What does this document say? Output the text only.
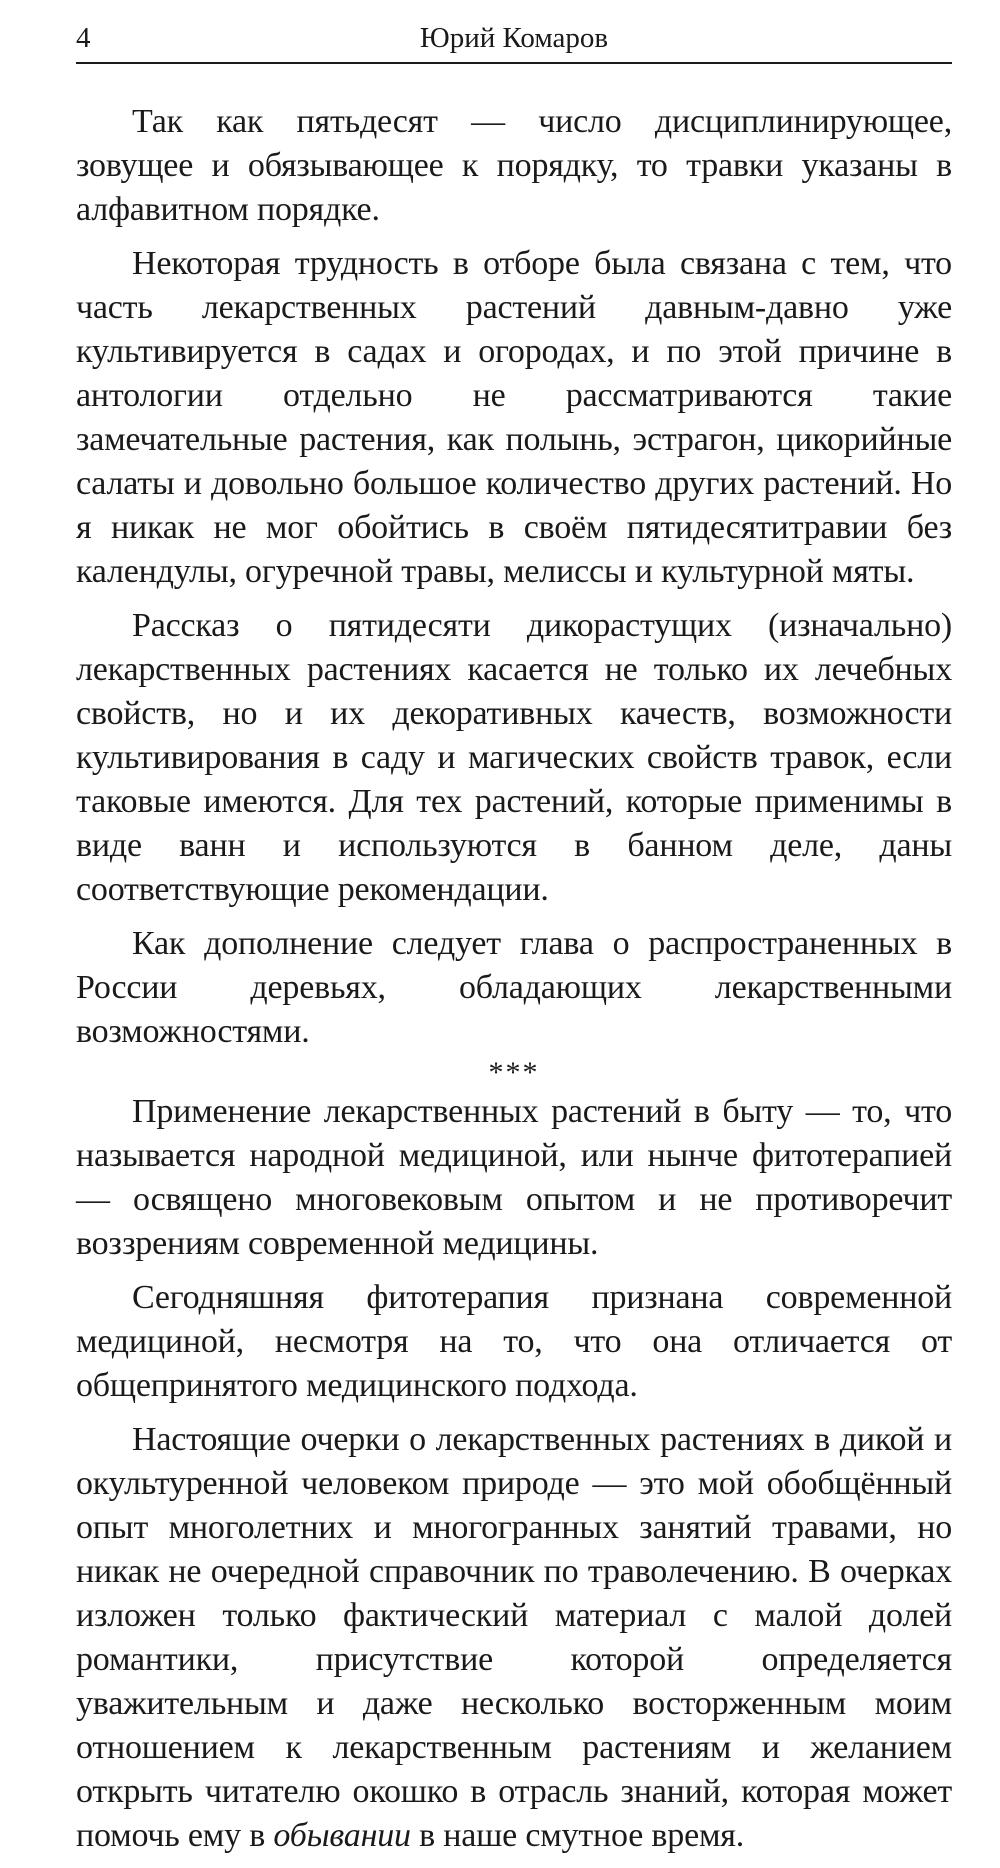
4	Юрий Комаров

Так как пятьдесят — число дисциплинирующее, зовущее и обязывающее к порядку, то травки указаны в алфавитном порядке.

Некоторая трудность в отборе была связана с тем, что часть лекарственных растений давным-давно уже культивируется в садах и огородах, и по этой причине в антологии отдельно не рассматриваются такие замечательные растения, как полынь, эстрагон, цикорийные салаты и довольно большое количество других растений. Но я никак не мог обойтись в своём пятидесятитравии без календулы, огуречной травы, мелиссы и культурной мяты.

Рассказ о пятидесяти дикорастущих (изначально) лекарственных растениях касается не только их лечебных свойств, но и их декоративных качеств, возможности культивирования в саду и магических свойств травок, если таковые имеются. Для тех растений, которые применимы в виде ванн и используются в банном деле, даны соответствующие рекомендации.

Как дополнение следует глава о распространенных в России деревьях, обладающих лекарственными возможностями.

***

Применение лекарственных растений в быту — то, что называется народной медициной, или нынче фитотерапией — освящено многовековым опытом и не противоречит воззрениям современной медицины.

Сегодняшняя фитотерапия признана современной медициной, несмотря на то, что она отличается от общепринятого медицинского подхода.

Настоящие очерки о лекарственных растениях в дикой и окультуренной человеком природе — это мой обобщённый опыт многолетних и многогранных занятий травами, но никак не очередной справочник по траволечению. В очерках изложен только фактический материал с малой долей романтики, присутствие которой определяется уважительным и даже несколько восторженным моим отношением к лекарственным растениям и желанием открыть читателю окошко в отрасль знаний, которая может помочь ему в обывании в наше смутное время.
